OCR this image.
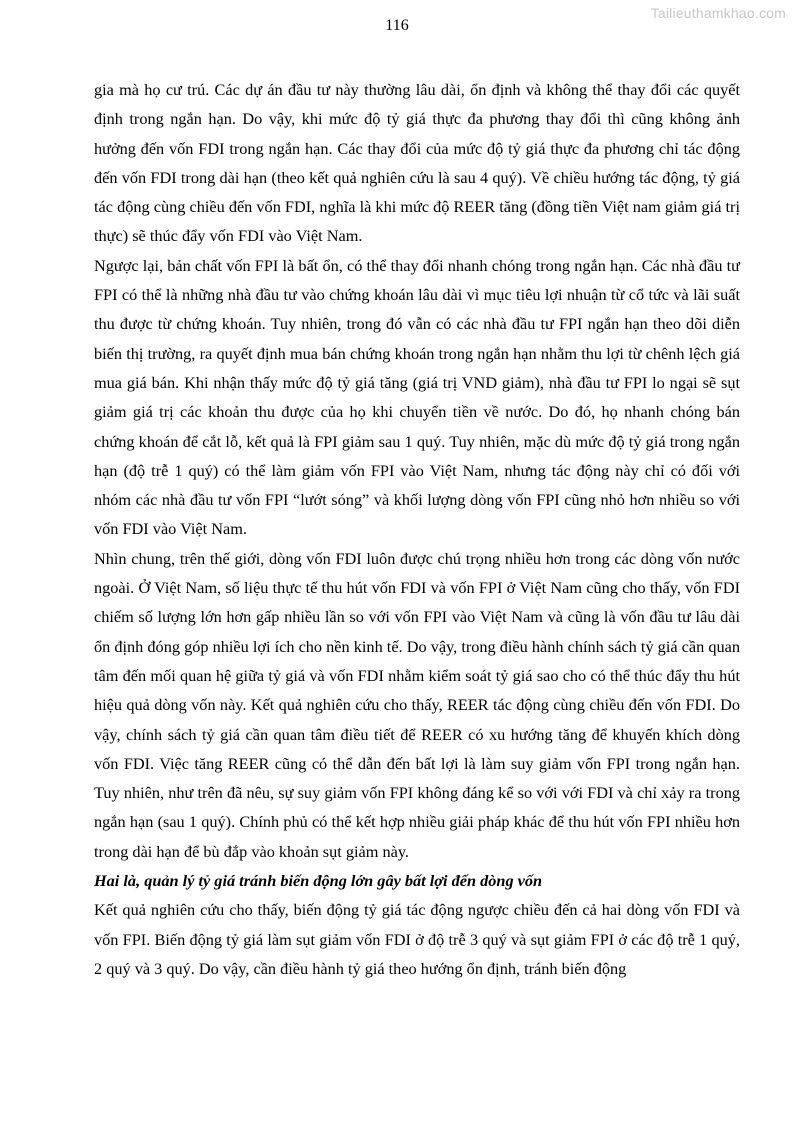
Tailieuthamkhao.com
116

gia mà họ cư trú. Các dự án đầu tư này thường lâu dài, ổn định và không thể thay đổi các quyết định trong ngắn hạn. Do vậy, khi mức độ tỷ giá thực đa phương thay đổi thì cũng không ảnh hưởng đến vốn FDI trong ngắn hạn. Các thay đổi của mức độ tỷ giá thực đa phương chỉ tác động đến vốn FDI trong dài hạn (theo kết quả nghiên cứu là sau 4 quý). Về chiều hướng tác động, tỷ giá tác động cùng chiều đến vốn FDI, nghĩa là khi mức độ REER tăng (đồng tiền Việt nam giảm giá trị thực) sẽ thúc đẩy vốn FDI vào Việt Nam.

Ngược lại, bản chất vốn FPI là bất ổn, có thể thay đổi nhanh chóng trong ngắn hạn. Các nhà đầu tư FPI có thể là những nhà đầu tư vào chứng khoán lâu dài vì mục tiêu lợi nhuận từ cổ tức và lãi suất thu được từ chứng khoán. Tuy nhiên, trong đó vẫn có các nhà đầu tư FPI ngắn hạn theo dõi diễn biến thị trường, ra quyết định mua bán chứng khoán trong ngắn hạn nhằm thu lợi từ chênh lệch giá mua giá bán. Khi nhận thấy mức độ tỷ giá tăng (giá trị VND giảm), nhà đầu tư FPI lo ngại sẽ sụt giảm giá trị các khoản thu được của họ khi chuyển tiền về nước. Do đó, họ nhanh chóng bán chứng khoán để cắt lỗ, kết quả là FPI giảm sau 1 quý. Tuy nhiên, mặc dù mức độ tỷ giá trong ngắn hạn (độ trễ 1 quý) có thể làm giảm vốn FPI vào Việt Nam, nhưng tác động này chỉ có đối với nhóm các nhà đầu tư vốn FPI “lướt sóng” và khối lượng dòng vốn FPI cũng nhỏ hơn nhiều so với vốn FDI vào Việt Nam.

Nhìn chung, trên thế giới, dòng vốn FDI luôn được chú trọng nhiều hơn trong các dòng vốn nước ngoài. Ở Việt Nam, số liệu thực tế thu hút vốn FDI và vốn FPI ở Việt Nam cũng cho thấy, vốn FDI chiếm số lượng lớn hơn gấp nhiều lần so với vốn FPI vào Việt Nam và cũng là vốn đầu tư lâu dài ổn định đóng góp nhiều lợi ích cho nền kinh tế. Do vậy, trong điều hành chính sách tỷ giá cần quan tâm đến mối quan hệ giữa tỷ giá và vốn FDI nhằm kiểm soát tỷ giá sao cho có thể thúc đẩy thu hút hiệu quả dòng vốn này. Kết quả nghiên cứu cho thấy, REER tác động cùng chiều đến vốn FDI. Do vậy, chính sách tỷ giá cần quan tâm điều tiết để REER có xu hướng tăng để khuyến khích dòng vốn FDI. Việc tăng REER cũng có thể dẫn đến bất lợi là làm suy giảm vốn FPI trong ngắn hạn. Tuy nhiên, như trên đã nêu, sự suy giảm vốn FPI không đáng kể so với với FDI và chỉ xảy ra trong ngắn hạn (sau 1 quý). Chính phủ có thể kết hợp nhiều giải pháp khác để thu hút vốn FPI nhiều hơn trong dài hạn để bù đắp vào khoản sụt giảm này.

Hai là, quản lý tỷ giá tránh biến động lớn gây bất lợi đến dòng vốn

Kết quả nghiên cứu cho thấy, biến động tỷ giá tác động ngược chiều đến cả hai dòng vốn FDI và vốn FPI. Biến động tỷ giá làm sụt giảm vốn FDI ở độ trễ 3 quý và sụt giảm FPI ở các độ trễ 1 quý, 2 quý và 3 quý. Do vậy, cần điều hành tỷ giá theo hướng ổn định, tránh biến động
